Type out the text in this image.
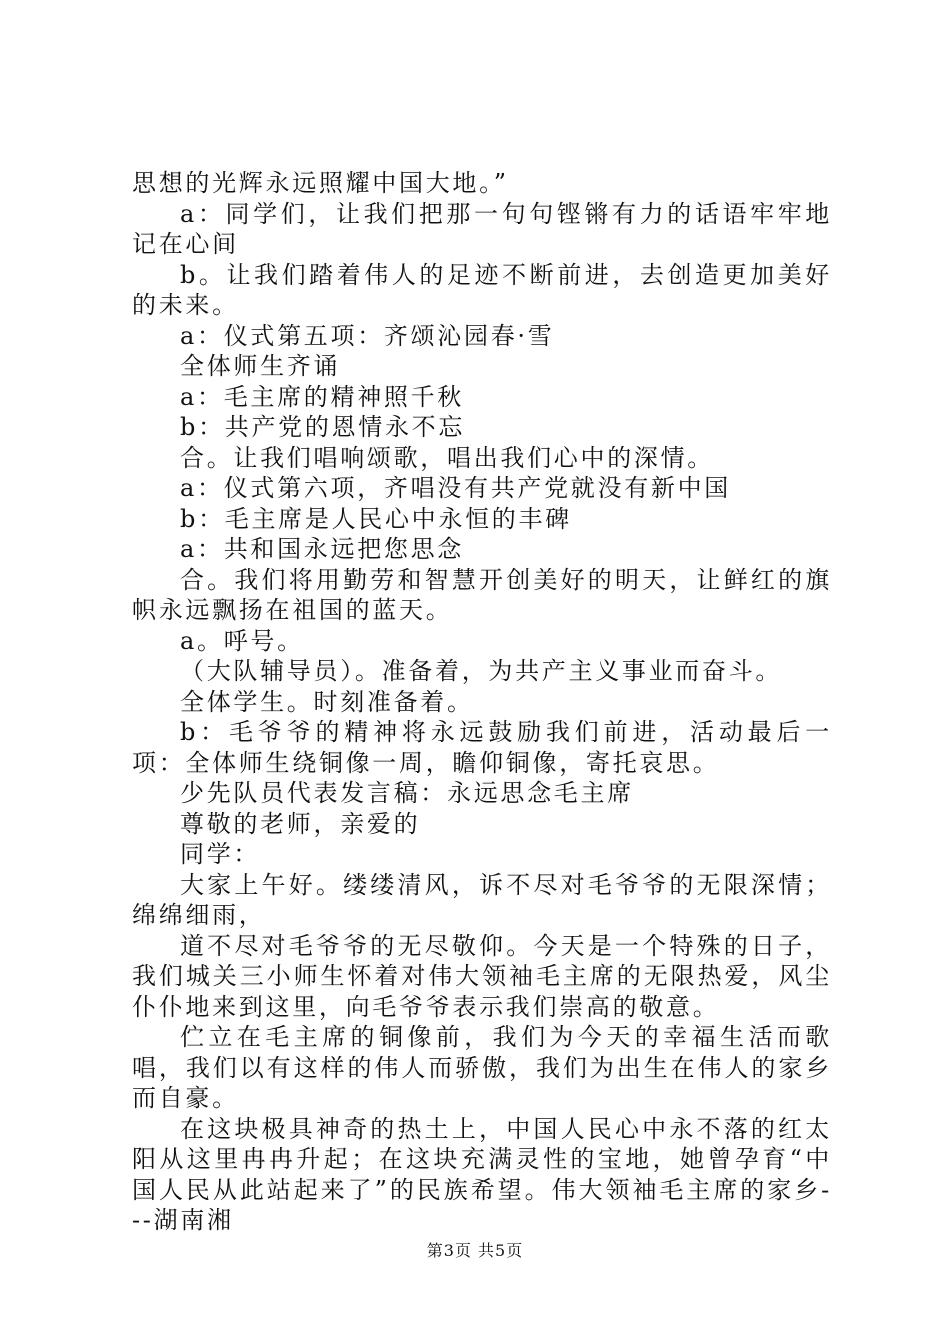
思想的光辉永远照耀中国大地。”

a：同学们，让我们把那一句句铿锵有力的话语牢牢地记在心间

b。让我们踏着伟人的足迹不断前进，去创造更加美好的未来。

a：仪式第五项：齐颂沁园春·雪

全体师生齐诵

a：毛主席的精神照千秋

b：共产党的恩情永不忘

合。让我们唱响颂歌，唱出我们心中的深情。

a：仪式第六项，齐唱没有共产党就没有新中国

b：毛主席是人民心中永恒的丰碑

a：共和国永远把您思念

合。我们将用勤劳和智慧开创美好的明天，让鲜红的旗帜永远飘扬在祖国的蓝天。

a。呼号。

（大队辅导员）。准备着，为共产主义事业而奋斗。

全体学生。时刻准备着。

b：毛爷爷的精神将永远鼓励我们前进，活动最后一项：全体师生绕铜像一周，瞻仰铜像，寄托哀思。

少先队员代表发言稿：永远思念毛主席

尊敬的老师，亲爱的

同学：

大家上午好。缕缕清风，诉不尽对毛爷爷的无限深情；绵绵细雨，

道不尽对毛爷爷的无尽敬仰。今天是一个特殊的日子，我们城关三小师生怀着对伟大领袖毛主席的无限热爱，风尘仆仆地来到这里，向毛爷爷表示我们崇高的敬意。

伫立在毛主席的铜像前，我们为今天的幸福生活而歌唱，我们以有这样的伟人而骄傲，我们为出生在伟人的家乡而自豪。

在这块极具神奇的热土上，中国人民心中永不落的红太阳从这里冉冉升起；在这块充满灵性的宝地，她曾孕育“中国人民从此站起来了”的民族希望。伟大领袖毛主席的家乡---湖南湘

第3页 共5页
